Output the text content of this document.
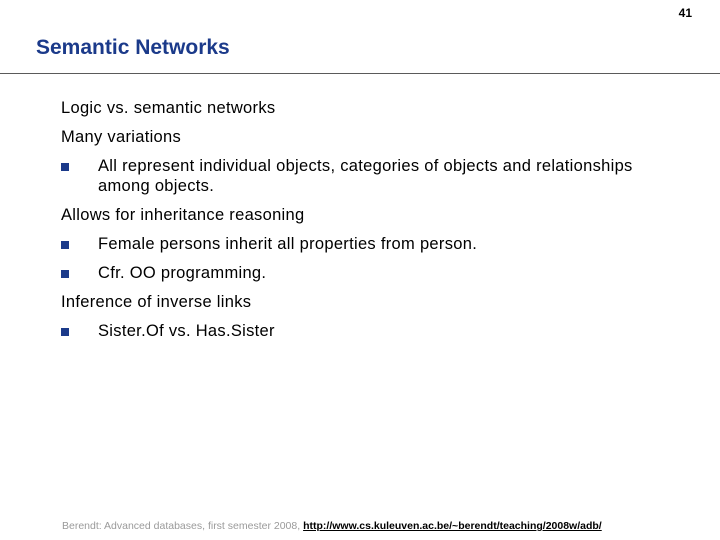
41
Semantic Networks
Logic vs. semantic networks
Many variations
All represent individual objects, categories of objects and relationships among objects.
Allows for inheritance reasoning
Female persons inherit all properties from person.
Cfr. OO programming.
Inference of inverse links
Sister.Of vs. Has.Sister
Berendt: Advanced databases, first semester 2008, http://www.cs.kuleuven.ac.be/~berendt/teaching/2008w/adb/
